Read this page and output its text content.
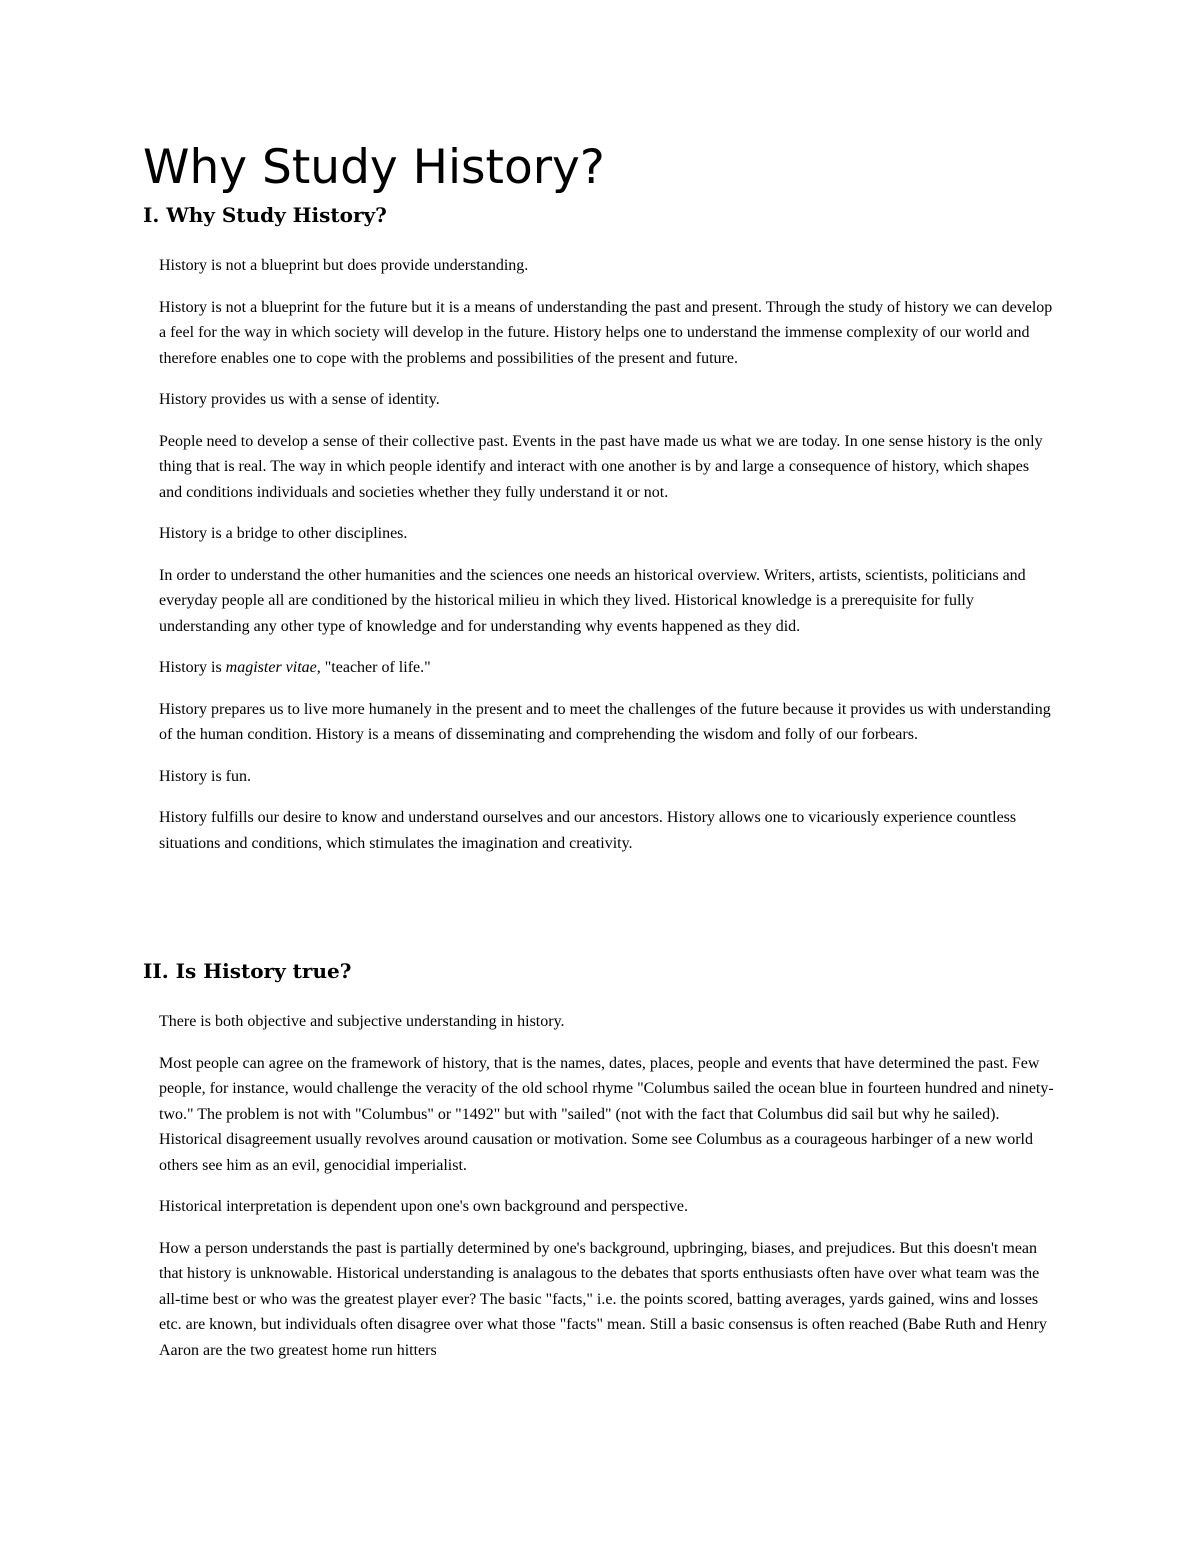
Why Study History?
I. Why Study History?

History is not a blueprint but does provide understanding.

History is not a blueprint for the future but it is a means of understanding the past and present. Through the study of history we can develop a feel for the way in which society will develop in the future. History helps one to understand the immense complexity of our world and therefore enables one to cope with the problems and possibilities of the present and future.

History provides us with a sense of identity.

People need to develop a sense of their collective past. Events in the past have made us what we are today. In one sense history is the only thing that is real. The way in which people identify and interact with one another is by and large a consequence of history, which shapes and conditions individuals and societies whether they fully understand it or not.

History is a bridge to other disciplines.

In order to understand the other humanities and the sciences one needs an historical overview. Writers, artists, scientists, politicians and everyday people all are conditioned by the historical milieu in which they lived. Historical knowledge is a prerequisite for fully understanding any other type of knowledge and for understanding why events happened as they did.

History is magister vitae, "teacher of life."

History prepares us to live more humanely in the present and to meet the challenges of the future because it provides us with understanding of the human condition. History is a means of disseminating and comprehending the wisdom and folly of our forbears.

History is fun.

History fulfills our desire to know and understand ourselves and our ancestors. History allows one to vicariously experience countless situations and conditions, which stimulates the imagination and creativity.

II. Is History true?

There is both objective and subjective understanding in history.

Most people can agree on the framework of history, that is the names, dates, places, people and events that have determined the past. Few people, for instance, would challenge the veracity of the old school rhyme "Columbus sailed the ocean blue in fourteen hundred and ninety-two." The problem is not with "Columbus" or "1492" but with "sailed" (not with the fact that Columbus did sail but why he sailed). Historical disagreement usually revolves around causation or motivation. Some see Columbus as a courageous harbinger of a new world others see him as an evil, genocidial imperialist.

Historical interpretation is dependent upon one's own background and perspective.

How a person understands the past is partially determined by one's background, upbringing, biases, and prejudices. But this doesn't mean that history is unknowable. Historical understanding is analagous to the debates that sports enthusiasts often have over what team was the all-time best or who was the greatest player ever? The basic "facts," i.e. the points scored, batting averages, yards gained, wins and losses etc. are known, but individuals often disagree over what those "facts" mean. Still a basic consensus is often reached (Babe Ruth and Henry Aaron are the two greatest home run hitters
